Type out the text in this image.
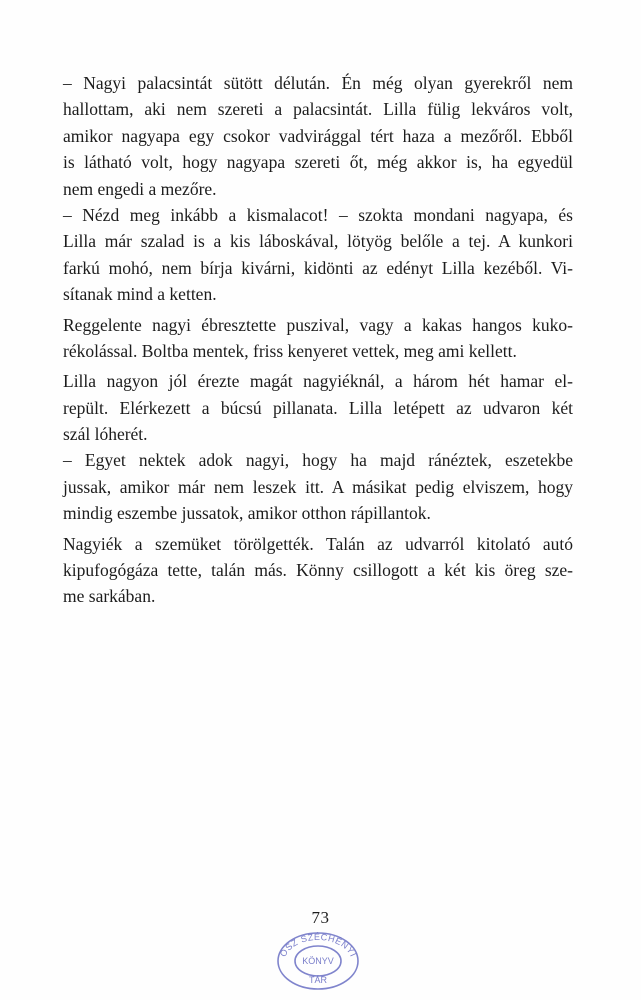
– Nagyi palacsintát sütött délután. Én még olyan gyerekről nem
hallottam, aki nem szereti a palacsintát. Lilla fülig lekváros volt,
amikor nagyapa egy csokor vadvirággal tért haza a mezőről. Ebből
is látható volt, hogy nagyapa szereti őt, még akkor is, ha egyedül
nem engedi a mezőre.
– Nézd meg inkább a kismalacot! – szokta mondani nagyapa, és
Lilla már szalad is a kis láboskával, lötyög belőle a tej. A kunkori
farkú mohó, nem bírja kivárni, kidönti az edényt Lilla kezéből. Vi-
sítanak mind a ketten.
Reggelente nagyi ébresztette puszival, vagy a kakas hangos kuko-
rékolással. Boltba mentek, friss kenyeret vettek, meg ami kellett.
Lilla nagyon jól érezte magát nagyiéknál, a három hét hamar el-
repült. Elérkezett a búcsú pillanata. Lilla letépett az udvaron két
szál lóherét.
– Egyet nektek adok nagyi, hogy ha majd ránéztek, eszetekbe
jussak, amikor már nem leszek itt. A másikat pedig elviszem, hogy
mindig eszembe jussatok, amikor otthon rápillantok.
Nagyiék a szemüket törölgették. Talán az udvarról kitolató autó
kipufogógáza tette, talán más. Könny csillogott a két kis öreg sze-
me sarkában.
73
OSZ SZÉCHÉNYI
KÖNYV
TÁR
